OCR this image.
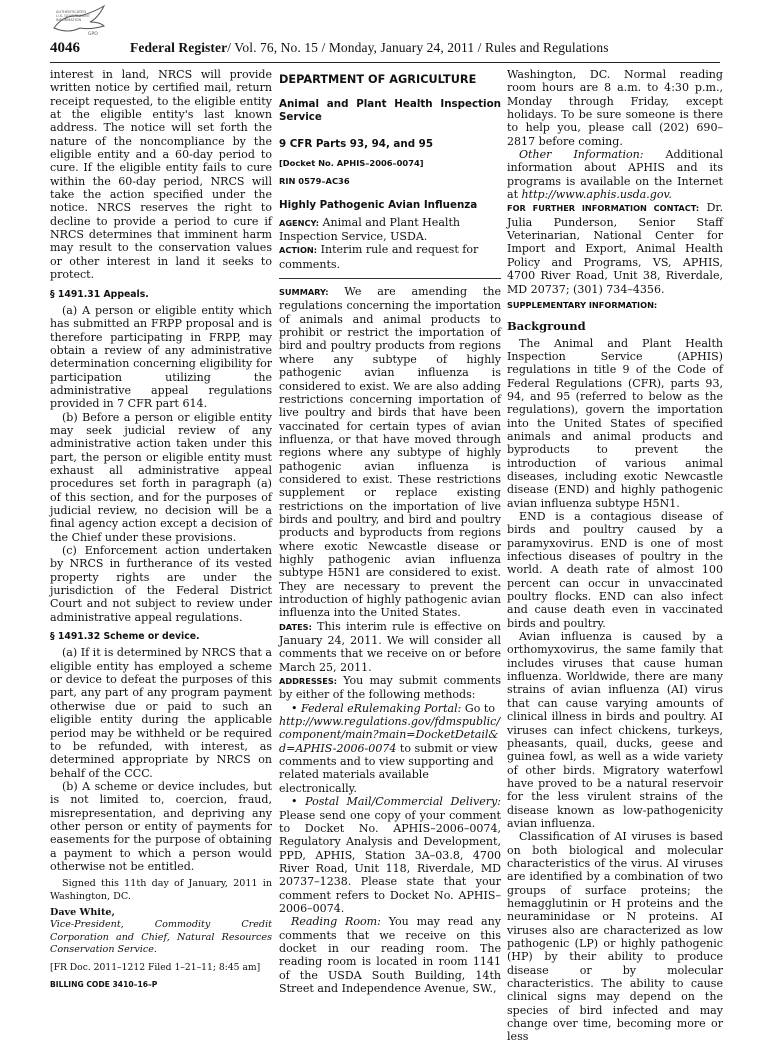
AUTHENTICATED
U.S. GOVERNMENT
INFORMATION
GPO
4046	Federal Register/ Vol. 76, No. 15 / Monday, January 24, 2011 / Rules and Regulations

interest in land, NRCS will provide written notice by certified mail, return receipt requested, to the eligible entity at the eligible entity's last known address. The notice will set forth the nature of the noncompliance by the eligible entity and a 60-day period to cure. If the eligible entity fails to cure within the 60-day period, NRCS will take the action specified under the notice. NRCS reserves the right to decline to provide a period to cure if NRCS determines that imminent harm may result to the conservation values or other interest in land it seeks to protect.

§ 1491.31 Appeals.

(a) A person or eligible entity which has submitted an FRPP proposal and is therefore participating in FRPP, may obtain a review of any administrative determination concerning eligibility for participation utilizing the administrative appeal regulations provided in 7 CFR part 614.

(b) Before a person or eligible entity may seek judicial review of any administrative action taken under this part, the person or eligible entity must exhaust all administrative appeal procedures set forth in paragraph (a) of this section, and for the purposes of judicial review, no decision will be a final agency action except a decision of the Chief under these provisions.

(c) Enforcement action undertaken by NRCS in furtherance of its vested property rights are under the jurisdiction of the Federal District Court and not subject to review under administrative appeal regulations.

§ 1491.32 Scheme or device.

(a) If it is determined by NRCS that a eligible entity has employed a scheme or device to defeat the purposes of this part, any part of any program payment otherwise due or paid to such an eligible entity during the applicable period may be withheld or be required to be refunded, with interest, as determined appropriate by NRCS on behalf of the CCC.

(b) A scheme or device includes, but is not limited to, coercion, fraud, misrepresentation, and depriving any other person or entity of payments for easements for the purpose of obtaining a payment to which a person would otherwise not be entitled.

Signed this 11th day of January, 2011 in Washington, DC.

Dave White,

Vice-President, Commodity Credit Corporation and Chief, Natural Resources Conservation Service.

[FR Doc. 2011–1212 Filed 1–21–11; 8:45 am]

BILLING CODE 3410–16–P

DEPARTMENT OF AGRICULTURE

Animal and Plant Health Inspection Service

9 CFR Parts 93, 94, and 95

[Docket No. APHIS–2006–0074]

RIN 0579–AC36

Highly Pathogenic Avian Influenza

AGENCY: Animal and Plant Health Inspection Service, USDA.

ACTION: Interim rule and request for comments.

SUMMARY: We are amending the regulations concerning the importation of animals and animal products to prohibit or restrict the importation of bird and poultry products from regions where any subtype of highly pathogenic avian influenza is considered to exist. We are also adding restrictions concerning importation of live poultry and birds that have been vaccinated for certain types of avian influenza, or that have moved through regions where any subtype of highly pathogenic avian influenza is considered to exist. These restrictions supplement or replace existing restrictions on the importation of live birds and poultry, and bird and poultry products and byproducts from regions where exotic Newcastle disease or highly pathogenic avian influenza subtype H5N1 are considered to exist. They are necessary to prevent the introduction of highly pathogenic avian influenza into the United States.

DATES: This interim rule is effective on January 24, 2011. We will consider all comments that we receive on or before March 25, 2011.

ADDRESSES: You may submit comments by either of the following methods:

• Federal eRulemaking Portal: Go to http://www.regulations.gov/fdmspublic/component/main?main=DocketDetail&d=APHIS-2006-0074 to submit or view comments and to view supporting and related materials available electronically.

• Postal Mail/Commercial Delivery: Please send one copy of your comment to Docket No. APHIS–2006–0074, Regulatory Analysis and Development, PPD, APHIS, Station 3A–03.8, 4700 River Road, Unit 118, Riverdale, MD 20737–1238. Please state that your comment refers to Docket No. APHIS–2006–0074.

Reading Room: You may read any comments that we receive on this docket in our reading room. The reading room is located in room 1141 of the USDA South Building, 14th Street and Independence Avenue, SW.,

Washington, DC. Normal reading room hours are 8 a.m. to 4:30 p.m., Monday through Friday, except holidays. To be sure someone is there to help you, please call (202) 690–2817 before coming.

Other Information: Additional information about APHIS and its programs is available on the Internet at http://www.aphis.usda.gov.

FOR FURTHER INFORMATION CONTACT: Dr. Julia Punderson, Senior Staff Veterinarian, National Center for Import and Export, Animal Health Policy and Programs, VS, APHIS, 4700 River Road, Unit 38, Riverdale, MD 20737; (301) 734–4356.

SUPPLEMENTARY INFORMATION:

Background

The Animal and Plant Health Inspection Service (APHIS) regulations in title 9 of the Code of Federal Regulations (CFR), parts 93, 94, and 95 (referred to below as the regulations), govern the importation into the United States of specified animals and animal products and byproducts to prevent the introduction of various animal diseases, including exotic Newcastle disease (END) and highly pathogenic avian influenza subtype H5N1.

END is a contagious disease of birds and poultry caused by a paramyxovirus. END is one of most infectious diseases of poultry in the world. A death rate of almost 100 percent can occur in unvaccinated poultry flocks. END can also infect and cause death even in vaccinated birds and poultry.

Avian influenza is caused by a orthomyxovirus, the same family that includes viruses that cause human influenza. Worldwide, there are many strains of avian influenza (AI) virus that can cause varying amounts of clinical illness in birds and poultry. AI viruses can infect chickens, turkeys, pheasants, quail, ducks, geese and guinea fowl, as well as a wide variety of other birds. Migratory waterfowl have proved to be a natural reservoir for the less virulent strains of the disease known as low-pathogenicity avian influenza.

Classification of AI viruses is based on both biological and molecular characteristics of the virus. AI viruses are identified by a combination of two groups of surface proteins; the hemagglutinin or H proteins and the neuraminidase or N proteins. AI viruses also are characterized as low pathogenic (LP) or highly pathogenic (HP) by their ability to produce disease or by molecular characteristics. The ability to cause clinical signs may depend on the species of bird infected and may change over time, becoming more or less
